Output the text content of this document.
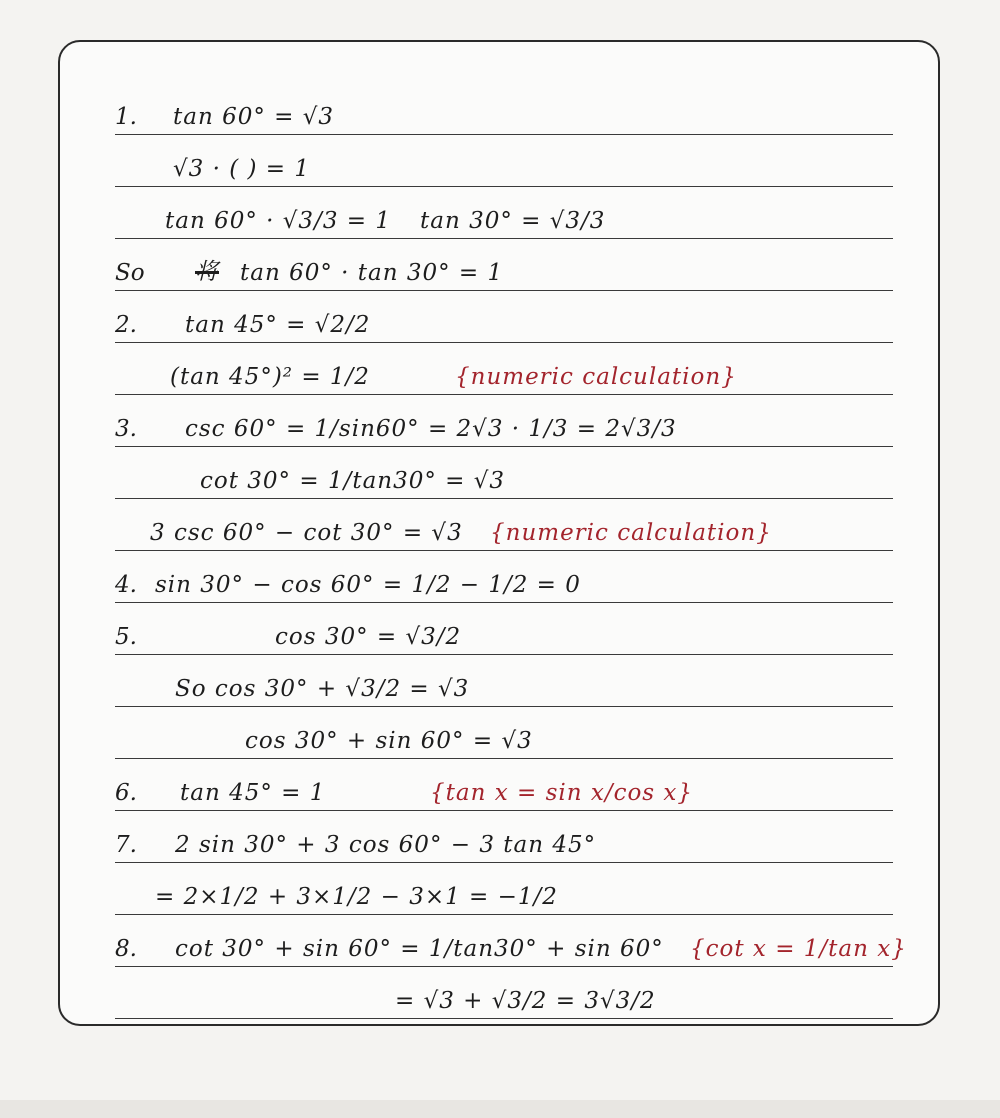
1. tan 60° = √3
√3 · ( ) = 1
tan 60° · √3/3 = 1 tan 30° = √3/3
So 将 tan 60° · tan 30° = 1
2. tan 45° = √2/2
(tan 45°)² = 1/2	{numeric calculation}
3. csc 60° = 1/sin60° = 2√3 · 1/3 = 2√3/3
cot 30° = 1/tan30° = √3
3 csc 60° − cot 30° = √3 {numeric calculation}
4. sin 30° − cos 60° = 1/2 − 1/2 = 0
5.	cos 30° = √3/2
So cos 30° + √3/2 = √3
cos 30° + sin 60° = √3
6. tan 45° = 1	{tan x = sin x/cos x}
7. 2 sin 30° + 3 cos 60° − 3 tan 45°
= 2×1/2 + 3×1/2 − 3×1 = −1/2
8. cot 30° + sin 60° = 1/tan30° + sin 60° {cot x = 1/tan x}
= √3 + √3/2 = 3√3/2
